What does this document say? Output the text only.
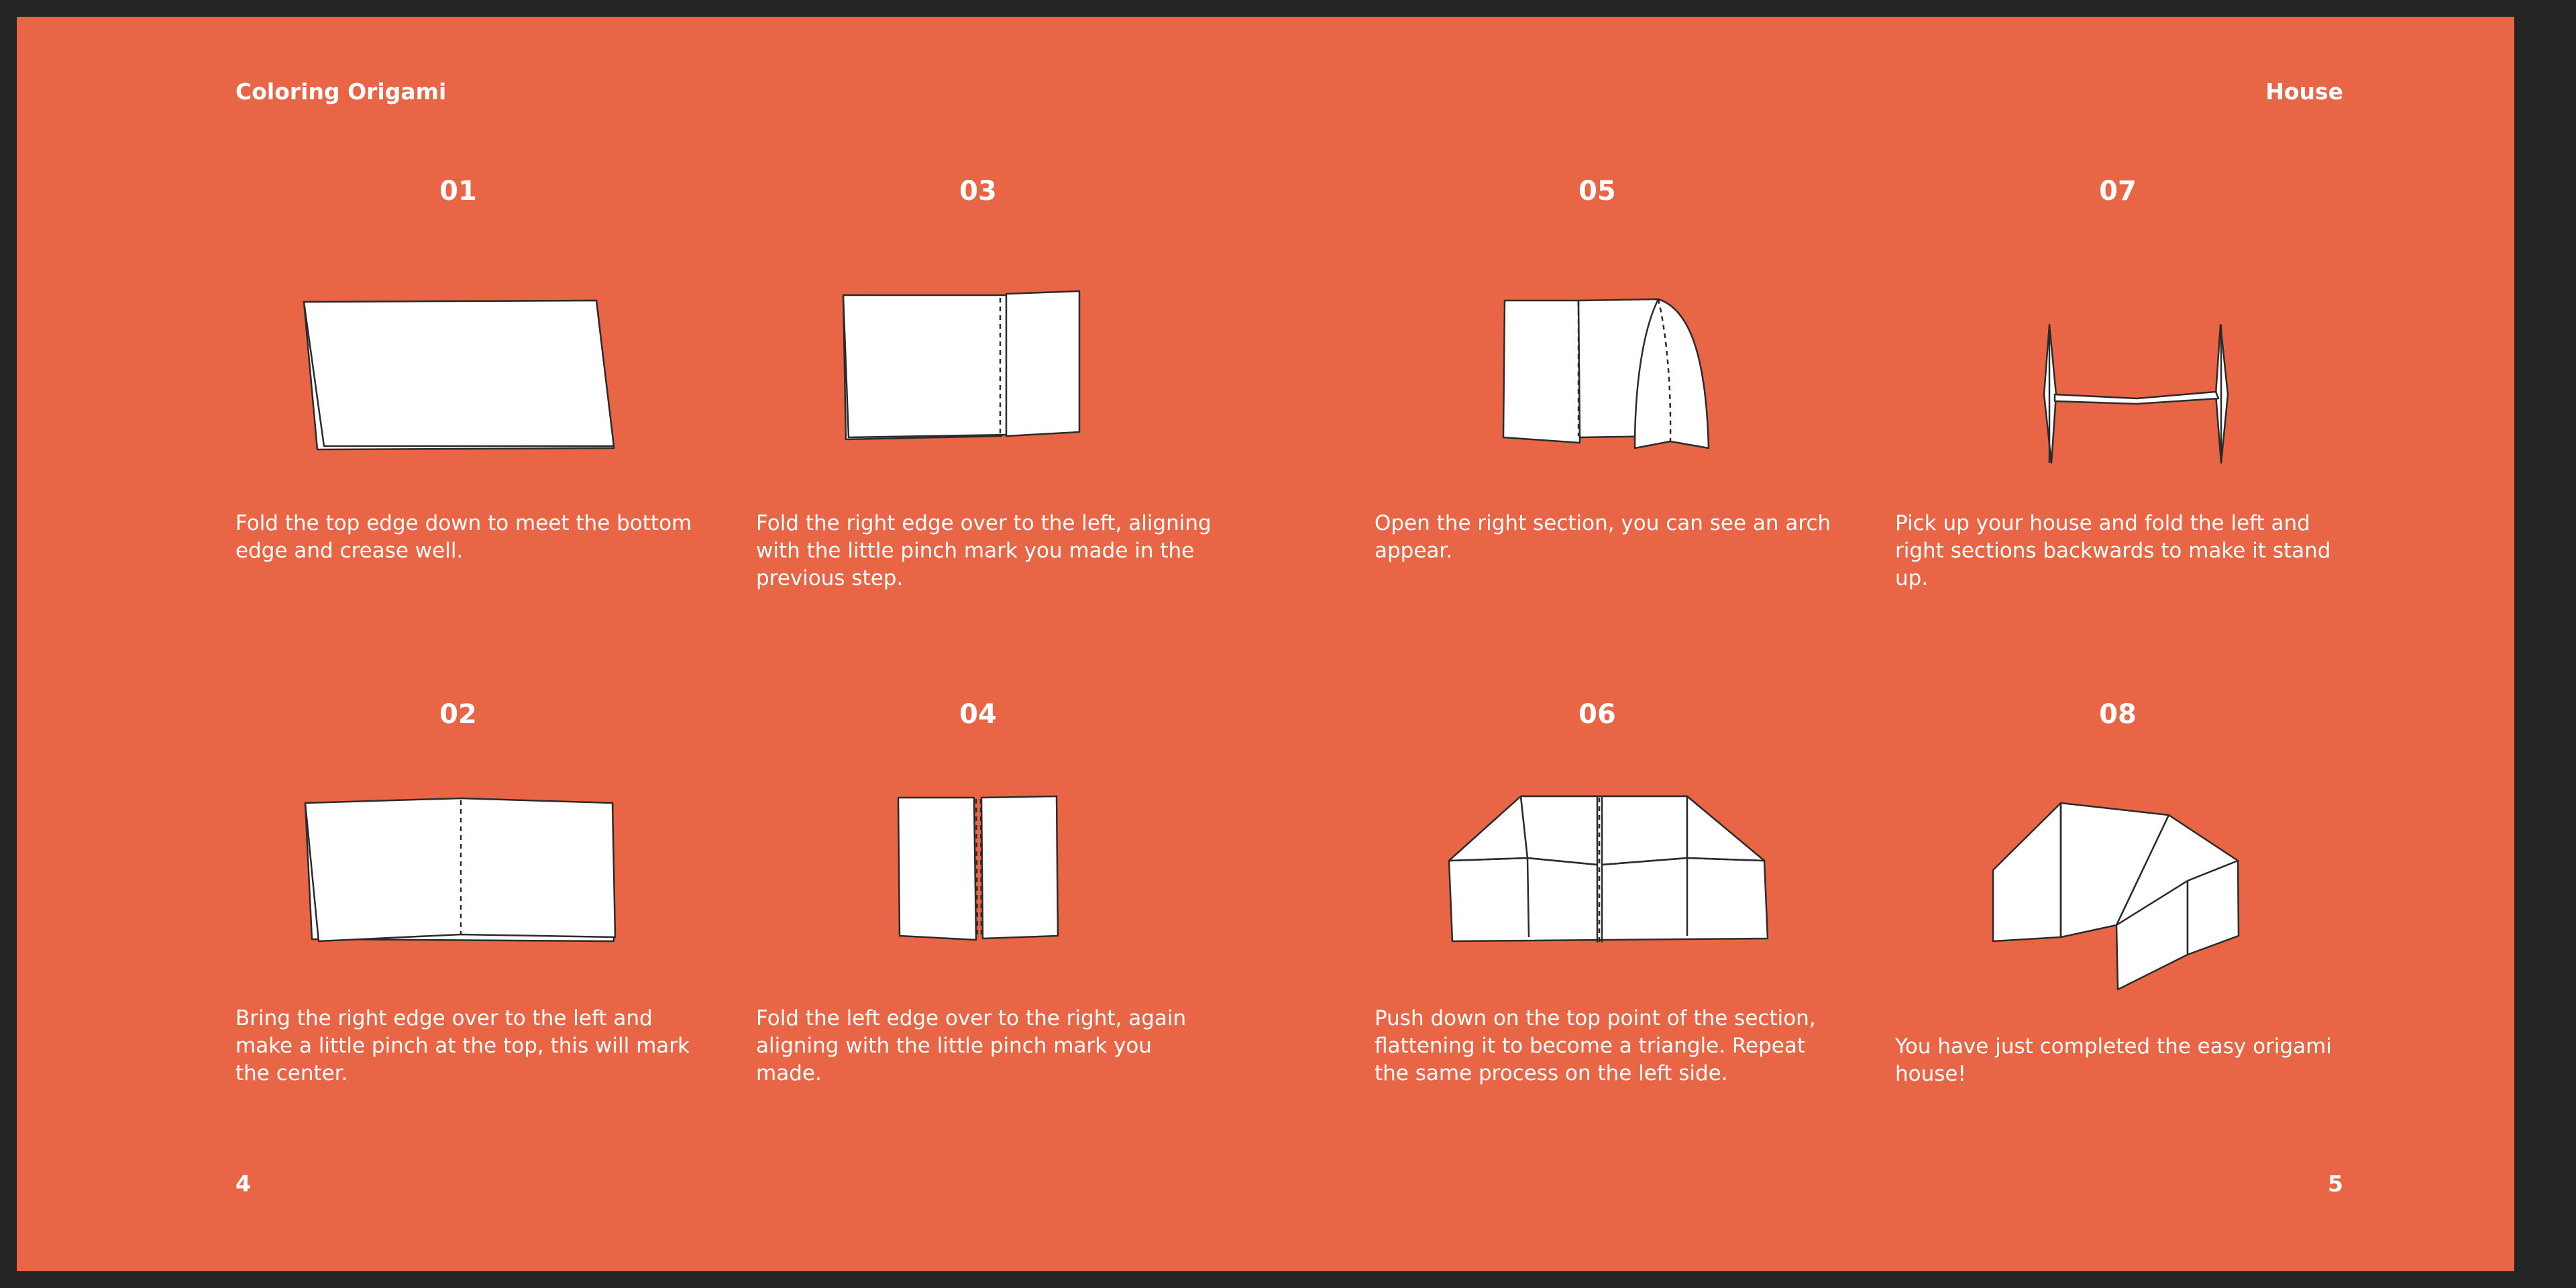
Coloring Origami	House
01
Fold the top edge down to meet the bottom edge and crease well.
02
Bring the right edge over to the left and make a little pinch at the top, this will mark the center.
03
Fold the right edge over to the left, aligning with the little pinch mark you made in the previous step.
04
Fold the left edge over to the right, again aligning with the little pinch mark you made.
05
Open the right section, you can see an arch appear.
06
Push down on the top point of the section, flattening it to become a triangle. Repeat the same process on the left side.
07
Pick up your house and fold the left and right sections backwards to make it stand up.
08
You have just completed the easy origami house!
4	5
